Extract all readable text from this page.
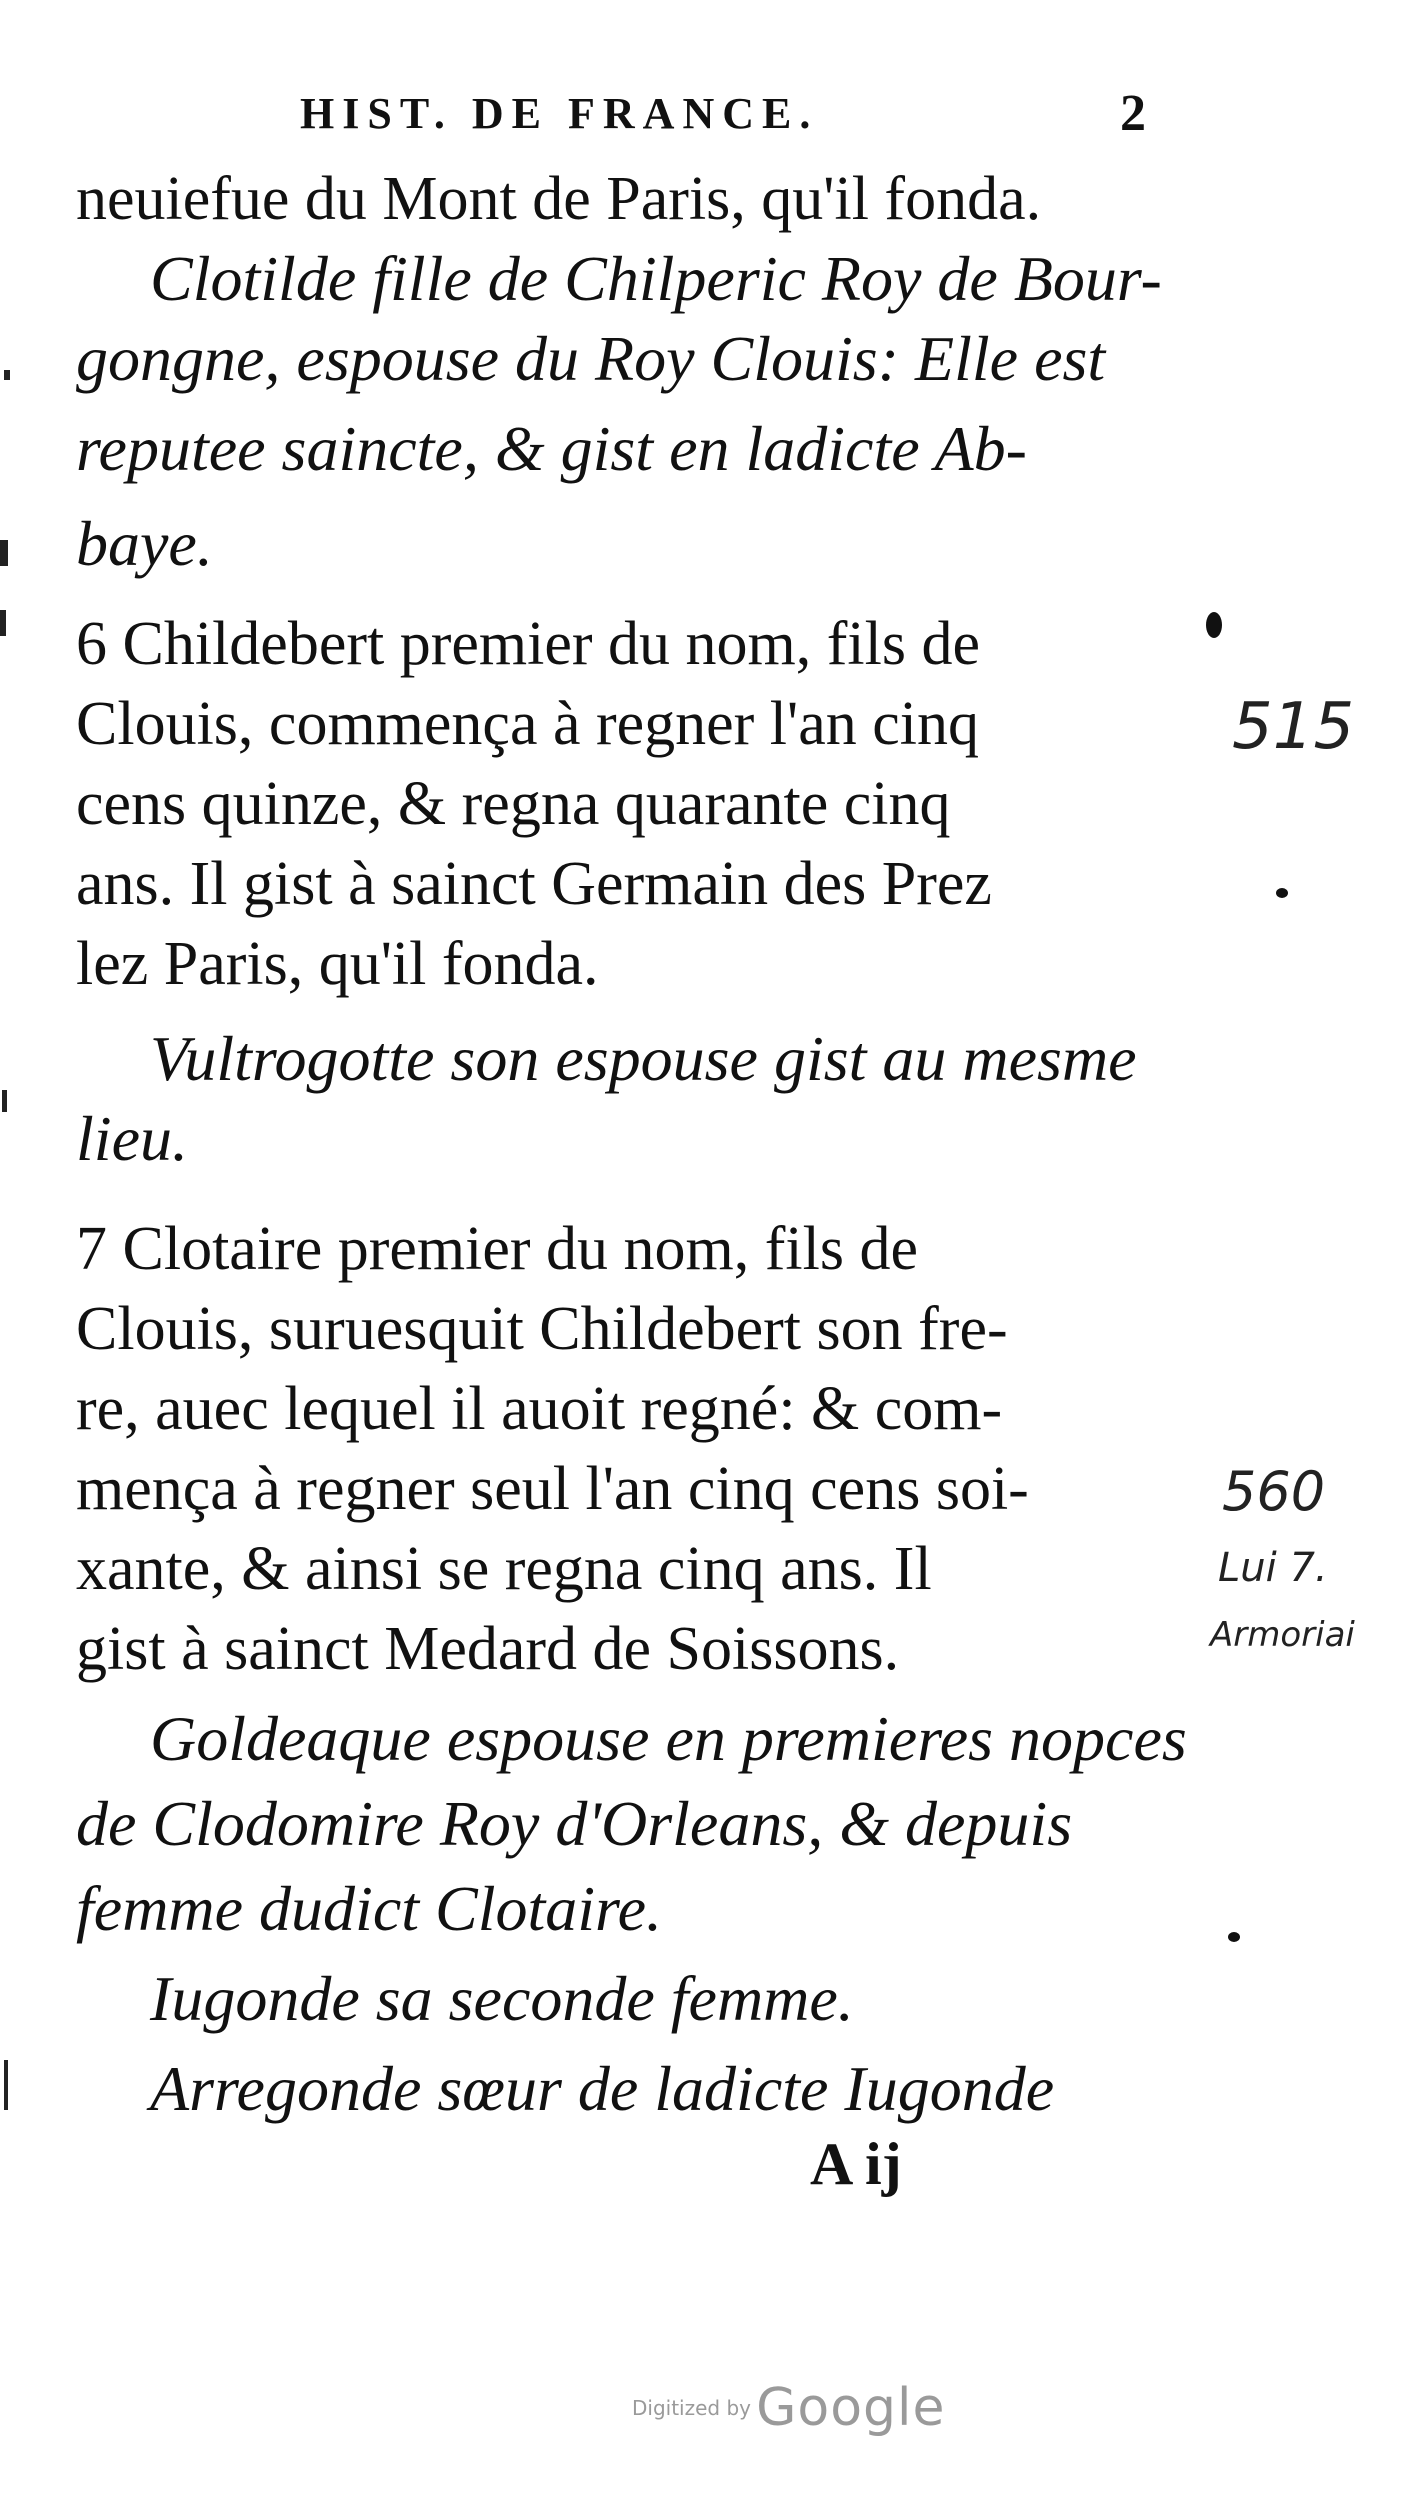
HIST. DE FRANCE.	2
neuiefue du Mont de Paris, qu'il fonda.
Clotilde fille de Chilperic Roy de Bour-
gongne, espouse du Roy Clouis: Elle est
reputee saincte, & gist en ladicte Ab-
baye.
6 Childebert premier du nom, fils de
Clouis, commença à regner l'an cinq
cens quinze, & regna quarante cinq
ans. Il gist à sainct Germain des Prez
lez Paris, qu'il fonda.
Vultrogotte son espouse gist au mesme
lieu.
7 Clotaire premier du nom, fils de
Clouis, suruesquit Childebert son fre-
re, auec lequel il auoit regné: & com-
mença à regner seul l'an cinq cens soi-
xante, & ainsi se regna cinq ans. Il
gist à sainct Medard de Soissons.
Goldeaque espouse en premieres nopces
de Clodomire Roy d'Orleans, & depuis
femme dudict Clotaire.
Iugonde sa seconde femme.
Arregonde sœur de ladicte Iugonde
A ij
515
560
Lui 7.
Armoriai
Digitized by Google
